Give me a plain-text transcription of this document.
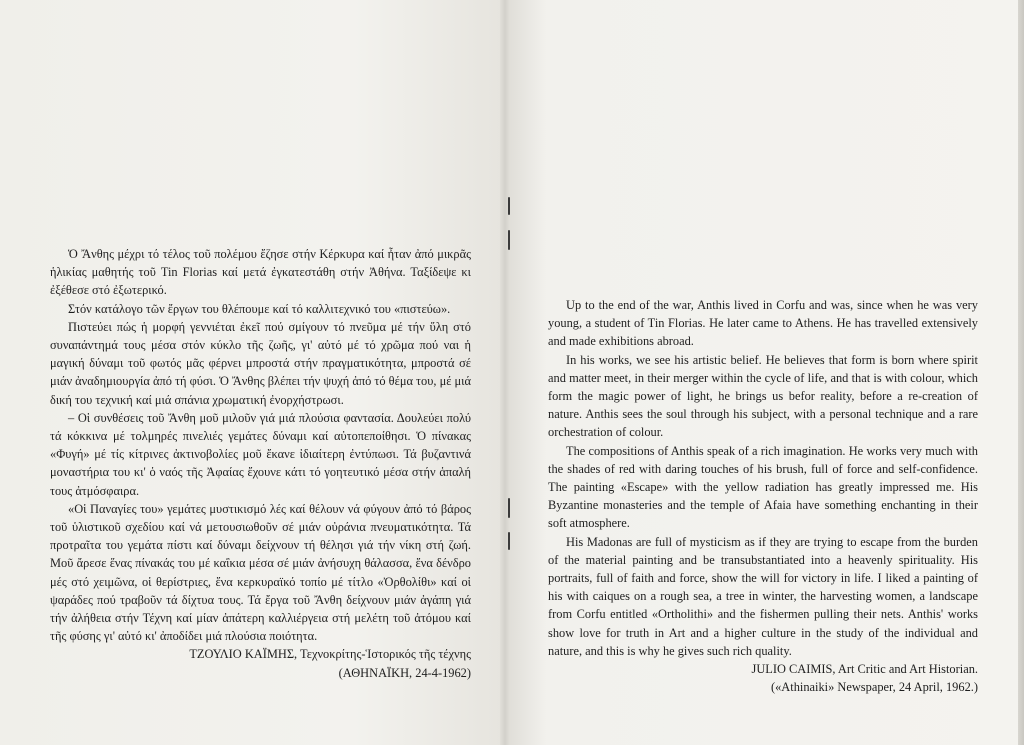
Ὁ Ἄνθης μέχρι τό τέλος τοῦ πολέμου ἔζησε στήν Κέρκυρα καί ἦταν ἀπό μικρᾶς ἡλικίας μαθητής τοῦ Tin Florias καί μετά ἐγκατεστάθη στήν Ἀθήνα. Ταξίδεψε κι ἐξέθεσε στό ἐξωτερικό.

Στόν κατάλογο τῶν ἔργων του θλέπουμε καί τό καλλιτεχνικό του «πιστεύω».

Πιστεύει πώς ἡ μορφή γεννιέται ἐκεῖ πού σμίγουν τό πνεῦμα μέ τήν ὕλη στό συναπάντημά τους μέσα στόν κύκλο τῆς ζωῆς, γι' αὐτό μέ τό χρῶμα πού ναι ἡ μαγική δύναμι τοῦ φωτός μᾶς φέρνει μπροστά στήν πραγματικότητα, μπροστά σέ μιάν ἀναδημιουργία ἀπό τή φύσι. Ὁ Ἄνθης βλέπει τήν ψυχή ἀπό τό θέμα του, μέ μιά δική του τεχνική καί μιά σπάνια χρωματική ἐνορχήστρωσι.

– Οἱ συνθέσεις τοῦ Ἄνθη μοῦ μιλοῦν γιά μιά πλούσια φαντασία. Δουλεύει πολύ τά κόκκινα μέ τολμηρές πινελιές γεμάτες δύναμι καί αὐτοπεποίθησι. Ὁ πίνακας «Φυγή» μέ τίς κίτρινες ἀκτινοβολίες μοῦ ἔκανε ἰδιαίτερη ἐντύπωσι. Τά βυζαντινά μοναστήρια του κι' ὁ ναός τῆς Ἀφαίας ἔχουνε κάτι τό γοητευτικό μέσα στήν ἁπαλή τους ἀτμόσφαιρα.

«Οἱ Παναγίες του» γεμάτες μυστικισμό λές καί θέλουν νά φύγουν ἀπό τό βάρος τοῦ ὑλιστικοῦ σχεδίου καί νά μετουσιωθοῦν σέ μιάν οὐράνια πνευματικότητα. Τά προτραῖτα του γεμάτα πίστι καί δύναμι δείχνουν τή θέλησι γιά τήν νίκη στή ζωή. Μοῦ ἄρεσε ἕνας πίνακάς του μέ καΐκια μέσα σέ μιάν ἀνήσυχη θάλασσα, ἕνα δένδρο μές στό χειμῶνα, οἱ θερίστριες, ἕνα κερκυραϊκό τοπίο μέ τίτλο «Ὀρθολίθι» καί οἱ ψαράδες πού τραβοῦν τά δίχτυα τους. Τά ἔργα τοῦ Ἄνθη δείχνουν μιάν ἀγάπη γιά τήν ἀλήθεια στήν Τέχνη καί μίαν ἀπάτερη καλλιέργεια στή μελέτη τοῦ ἀτόμου καί τῆς φύσης γι' αὐτό κι' ἀποδίδει μιά πλούσια ποιότητα.

ΤΖΟΥΛΙΟ ΚΑΪΜΗΣ, Τεχνοκρίτης-Ἱστορικός τῆς τέχνης

(ΑΘΗΝΑΪΚΗ, 24-4-1962)

Up to the end of the war, Anthis lived in Corfu and was, since when he was very young, a student of Tin Florias. He later came to Athens. He has travelled extensively and made exhibitions abroad.

In his works, we see his artistic belief. He believes that form is born where spirit and matter meet, in their merger within the cycle of life, and that is with colour, which form the magic power of light, he brings us befor reality, before a re-creation of nature. Anthis sees the soul through his subject, with a personal technique and a rare orchestration of colour.

The compositions of Anthis speak of a rich imagination. He works very much with the shades of red with daring touches of his brush, full of force and self-confidence. The painting «Escape» with the yellow radiation has greatly impressed me. His Byzantine monasteries and the temple of Afaia have something enchanting in their soft atmosphere.

His Madonas are full of mysticism as if they are trying to escape from the burden of the material painting and be transubstantiated into a heavenly spirituality. His portraits, full of faith and force, show the will for victory in life. I liked a painting of his with caiques on a rough sea, a tree in winter, the harvesting women, a landscape from Corfu entitled «Ortholithi» and the fishermen pulling their nets. Anthis' works show love for truth in Art and a higher culture in the study of the individual and nature, and this is why he gives such rich quality.

JULIO CAIMIS, Art Critic and Art Historian.

(«Athinaiki» Newspaper, 24 April, 1962.)
